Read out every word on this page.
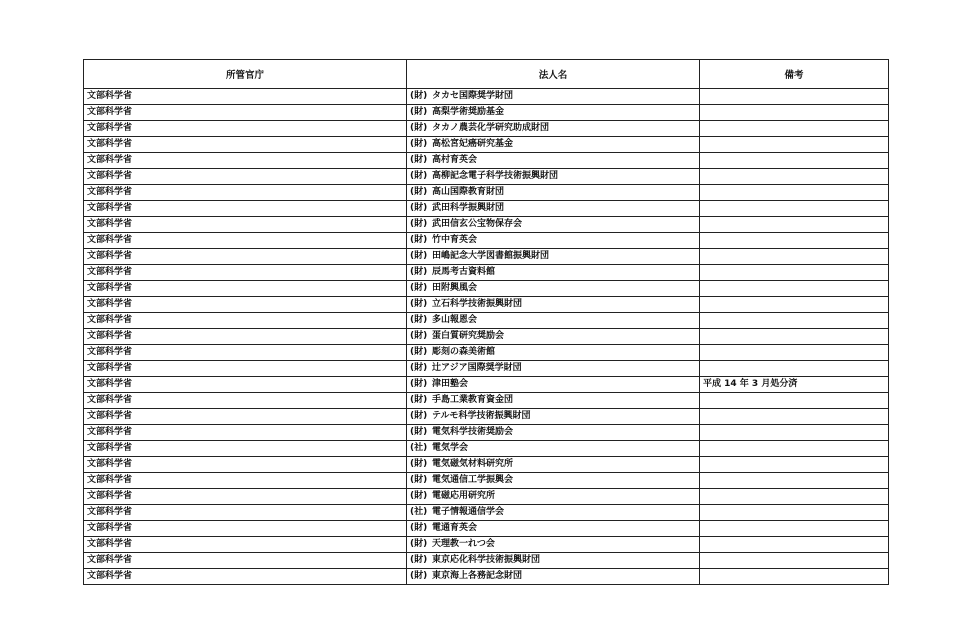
所管官庁	法人名	備考
文部科学省	(財) タカセ国際奨学財団	
文部科学省	(財) 高梨学術奨励基金	
文部科学省	(財) タカノ農芸化学研究助成財団	
文部科学省	(財) 高松宮妃癌研究基金	
文部科学省	(財) 高村育英会	
文部科学省	(財) 高柳記念電子科学技術振興財団	
文部科学省	(財) 高山国際教育財団	
文部科学省	(財) 武田科学振興財団	
文部科学省	(財) 武田信玄公宝物保存会	
文部科学省	(財) 竹中育英会	
文部科学省	(財) 田嶋記念大学図書館振興財団	
文部科学省	(財) 辰馬考古資料館	
文部科学省	(財) 田附興風会	
文部科学省	(財) 立石科学技術振興財団	
文部科学省	(財) 多山報恩会	
文部科学省	(財) 蛋白質研究奨励会	
文部科学省	(財) 彫刻の森美術館	
文部科学省	(財) 辻アジア国際奨学財団	
文部科学省	(財) 津田塾会	平成 14 年 3 月処分済
文部科学省	(財) 手島工業教育資金団	
文部科学省	(財) テルモ科学技術振興財団	
文部科学省	(財) 電気科学技術奨励会	
文部科学省	(社) 電気学会	
文部科学省	(財) 電気磁気材料研究所	
文部科学省	(財) 電気通信工学振興会	
文部科学省	(財) 電磁応用研究所	
文部科学省	(社) 電子情報通信学会	
文部科学省	(財) 電通育英会	
文部科学省	(財) 天理教一れつ会	
文部科学省	(財) 東京応化科学技術振興財団	
文部科学省	(財) 東京海上各務記念財団	
